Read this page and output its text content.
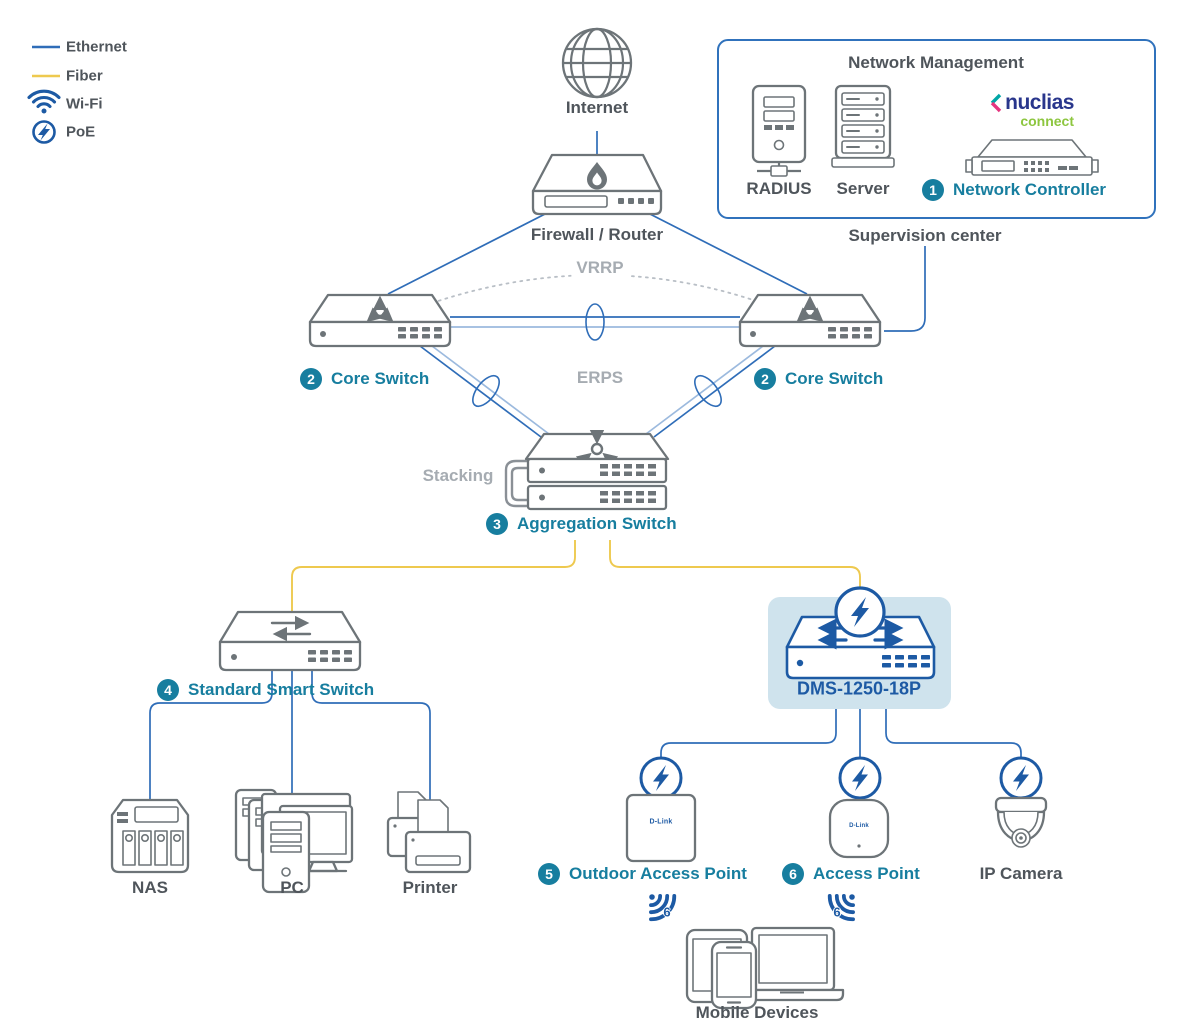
Ethernet
Fiber
Wi-Fi
PoE
Internet
Firewall / Router
Network Management
RADIUS Server
nuclias
connect
1 Network Controller
Supervision center
VRRP
ERPS
Stacking
2 Core Switch	2 Core Switch
3 Aggregation Switch
4 Standard Smart Switch	DMS-1250-18P
NAS	PC	Printer
5 Outdoor Access Point	6 Access Point	IP Camera
D-Link
D-Link
6	6
Mobile Devices
